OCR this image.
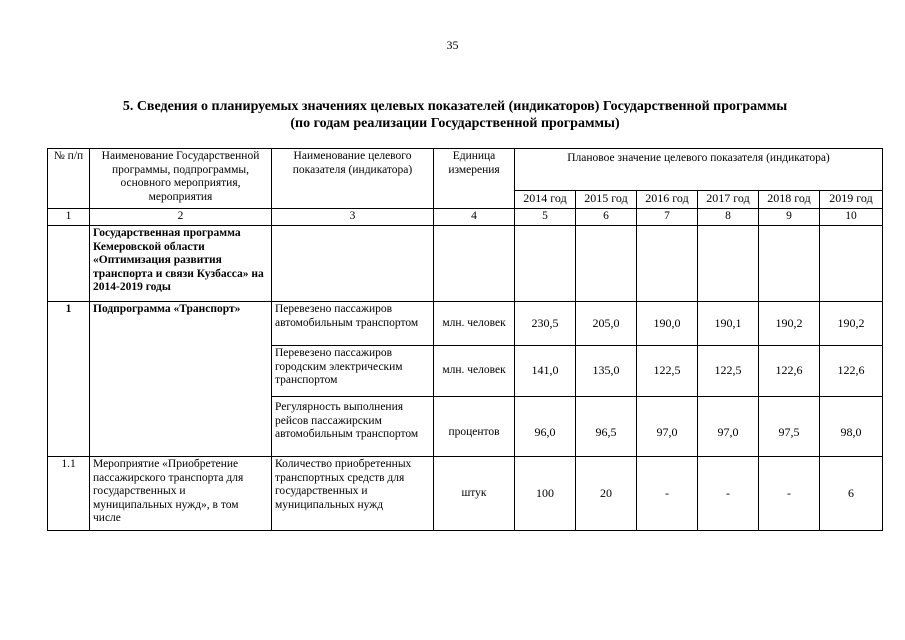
35
5. Сведения о планируемых значениях целевых показателей (индикаторов) Государственной программы
(по годам реализации Государственной программы)
№ п/п	Наименование Государственной программы, подпрограммы, основного мероприятия, мероприятия	Наименование целевого показателя (индикатора)	Единица измерения	Плановое значение целевого показателя (индикатора)					
				2014 год	2015 год	2016 год	2017 год	2018 год	2019 год
1	2	3	4	5	6	7	8	9	10
	Государственная программа Кемеровской области «Оптимизация развития транспорта и связи Кузбасса» на 2014-2019 годы								
1	Подпрограмма «Транспорт»	Перевезено пассажиров автомобильным транспортом	млн. человек	230,5	205,0	190,0	190,1	190,2	190,2
		Перевезено пассажиров городским электрическим транспортом	млн. человек	141,0	135,0	122,5	122,5	122,6	122,6
		Регулярность выполнения рейсов пассажирским автомобильным транспортом	процентов	96,0	96,5	97,0	97,0	97,5	98,0
1.1	Мероприятие «Приобретение пассажирского транспорта для государственных и муниципальных нужд», в том числе	Количество приобретенных транспортных средств для государственных и муниципальных нужд	штук	100	20	-	-	-	6
